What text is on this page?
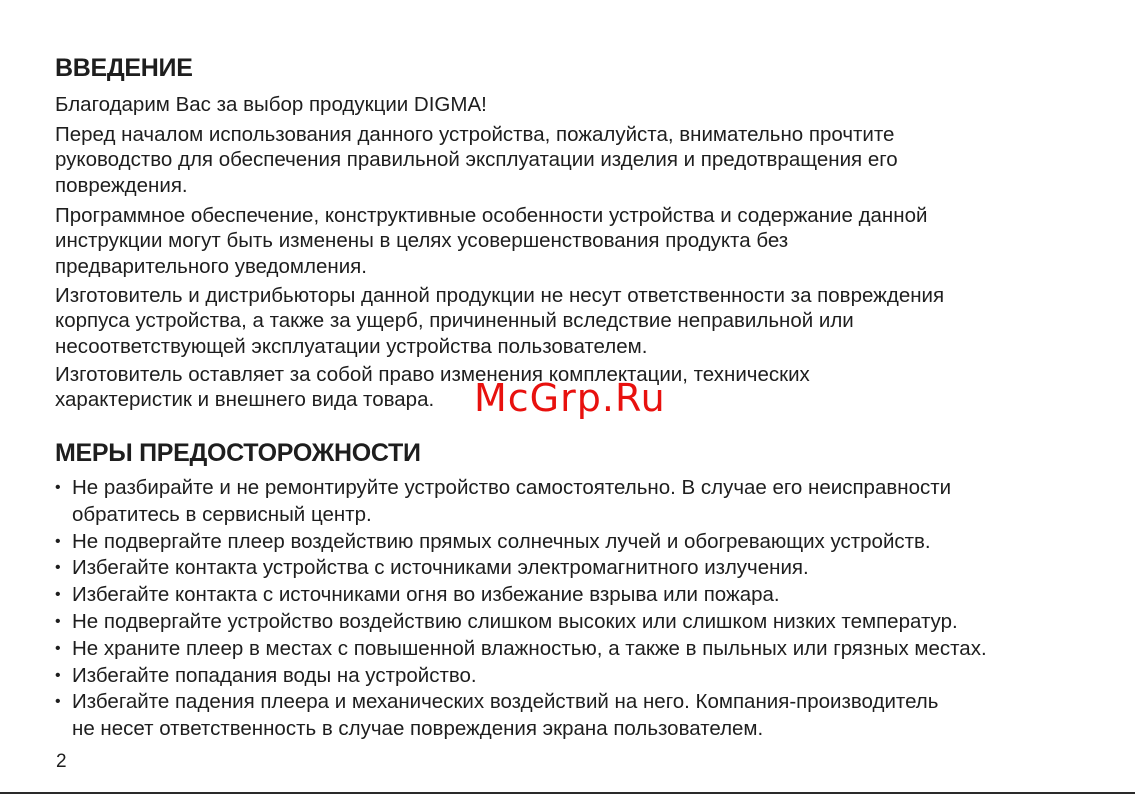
ВВЕДЕНИЕ

Благодарим Вас за выбор продукции DIGMA!

Перед началом использования данного устройства, пожалуйста, внимательно прочтите
руководство для обеспечения правильной эксплуатации изделия и предотвращения его
повреждения.

Программное обеспечение, конструктивные особенности устройства и содержание данной
инструкции могут быть изменены в целях усовершенствования продукта без
предварительного уведомления.

Изготовитель и дистрибьюторы данной продукции не несут ответственности за повреждения
корпуса устройства, а также за ущерб, причиненный вследствие неправильной или
несоответствующей эксплуатации устройства пользователем.

Изготовитель оставляет за собой право изменения комплектации, технических
характеристик и внешнего вида товара.

МЕРЫ ПРЕДОСТОРОЖНОСТИ
• Не разбирайте и не ремонтируйте устройство самостоятельно. В случае его неисправности
обратитесь в сервисный центр.
• Не подвергайте плеер воздействию прямых солнечных лучей и обогревающих устройств.
• Избегайте контакта устройства с источниками электромагнитного излучения.
• Избегайте контакта с источниками огня во избежание взрыва или пожара.
• Не подвергайте устройство воздействию слишком высоких или слишком низких температур.
• Не храните плеер в местах с повышенной влажностью, а также в пыльных или грязных местах.
• Избегайте попадания воды на устройство.
• Избегайте падения плеера и механических воздействий на него. Компания-производитель
не несет ответственность в случае повреждения экрана пользователем.
McGrp.Ru
2
